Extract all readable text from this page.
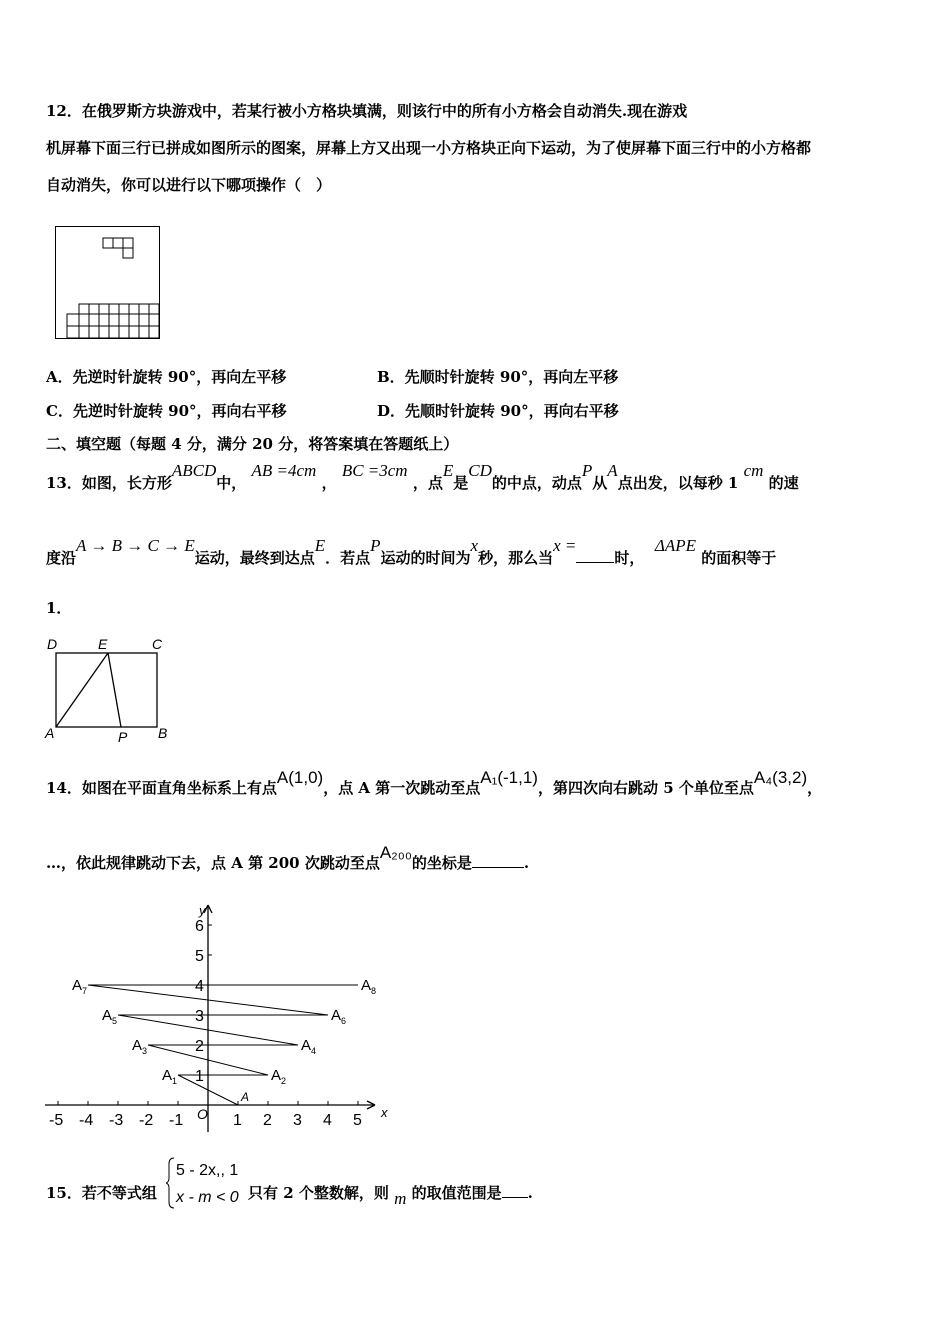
12．在俄罗斯方块游戏中，若某行被小方格块填满，则该行中的所有小方格会自动消失.现在游戏
机屏幕下面三行已拼成如图所示的图案，屏幕上方又出现一小方格块正向下运动，为了使屏幕下面三行中的小方格都
自动消失，你可以进行以下哪项操作（　）
A．先逆时针旋转 90°，再向左平移	B．先顺时针旋转 90°，再向左平移
C．先逆时针旋转 90°，再向右平移	D．先顺时针旋转 90°，再向右平移
二、填空题（每题 4 分，满分 20 分，将答案填在答题纸上）
13．如图，长方形ABCD中， AB =4cm ， BC =3cm ，点E是CD的中点，动点P从A点出发，以每秒 1 cm 的速
度沿A → B → C → E运动，最终到达点E．若点P运动的时间为x秒，那么当x =时，  ΔAPE 的面积等于
1．
D	E	C
A	P B
14．如图在平面直角坐标系上有点A(1,0)，点 A 第一次跳动至点A₁(-1,1)，第四次向右跳动 5 个单位至点A₄(3,2)，
…，依此规律跳动下去，点 A 第 200 次跳动至点A₂₀₀的坐标是	.
x
y
O
-5 -4 -3 -2 -1	1 2 3 4 5
1
2
3
4
5
6
A
$A_1$	$A_2$
$A_3$	$A_4$
$A_5$	$A_6$
$A_7$	$A_8$
15．若不等式组
5 - 2x,, 1
x - m < 0 只有 2 个整数解，则 m 的取值范围是 .
